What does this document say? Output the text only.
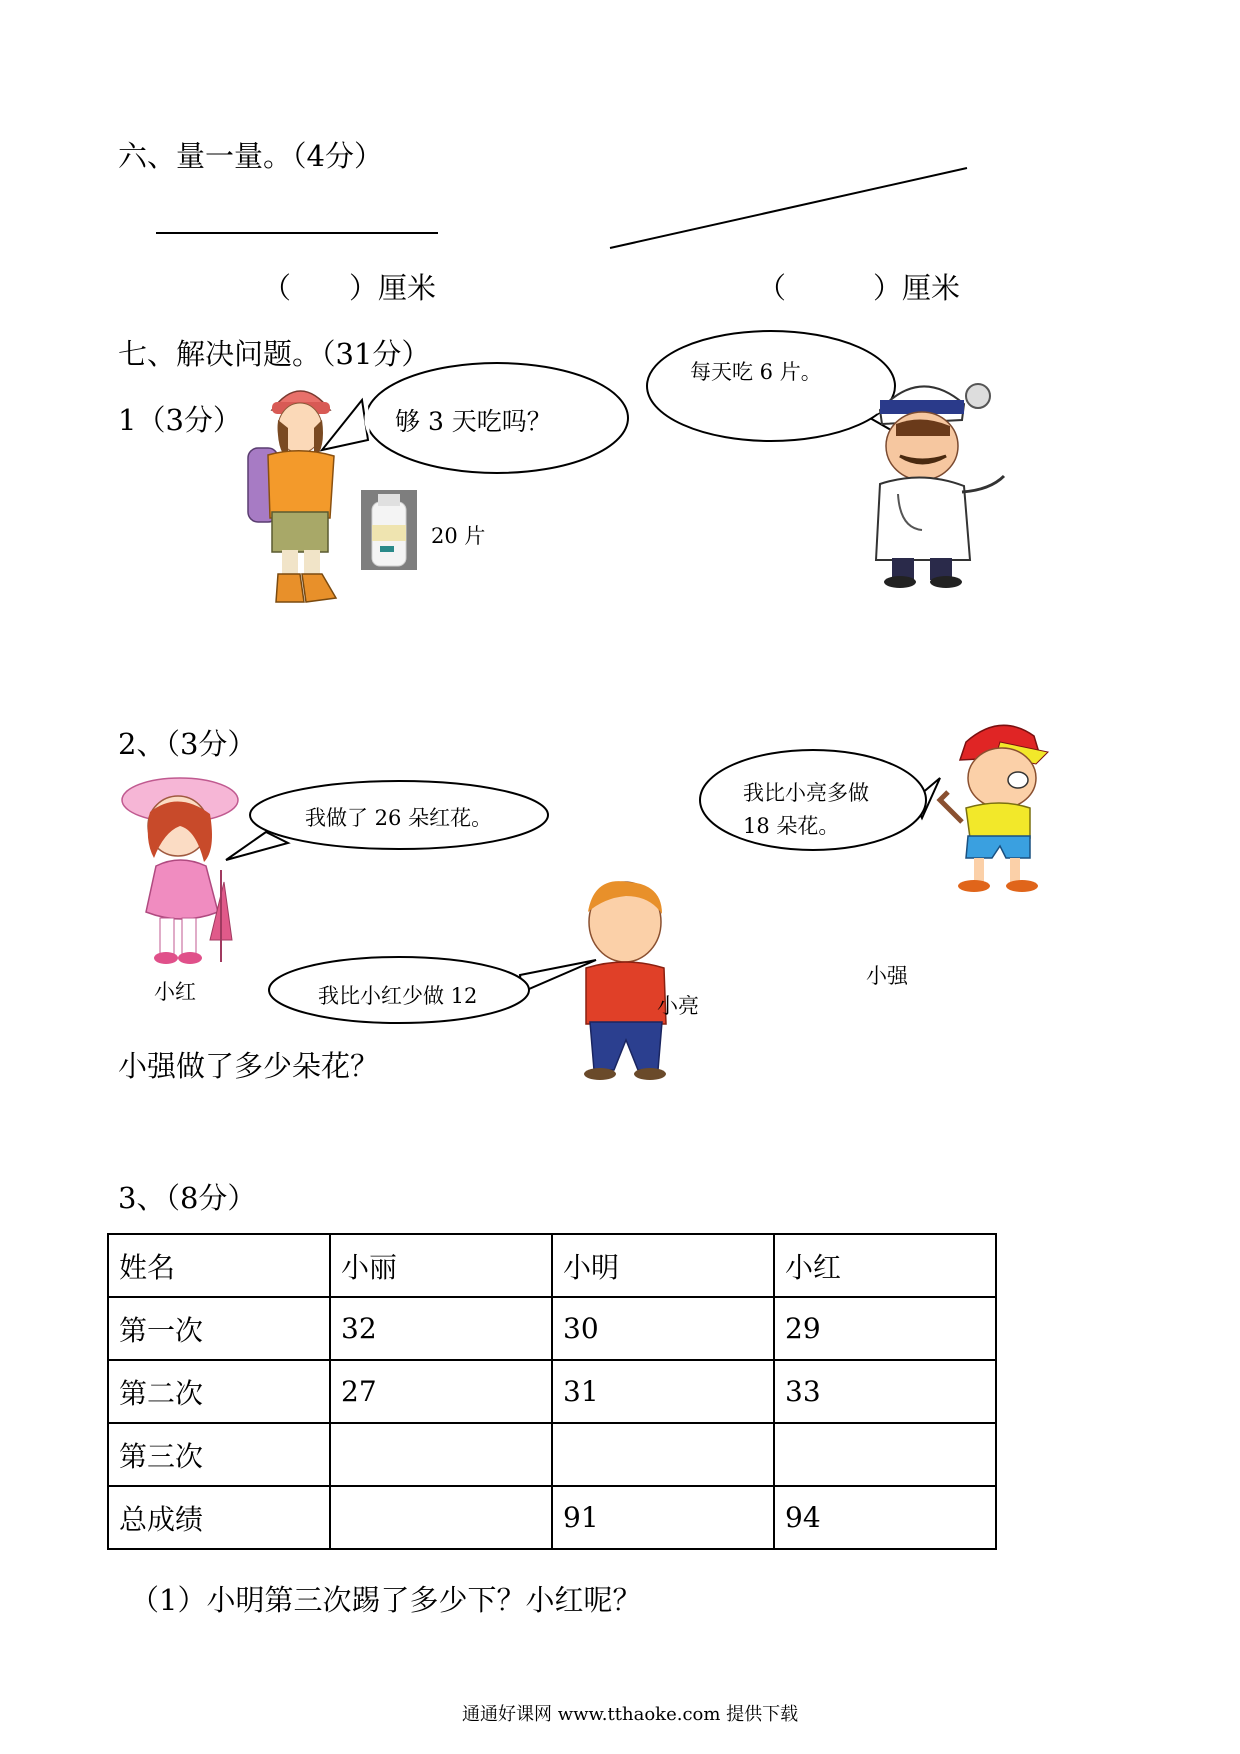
六、量一量。（4分）
（　　）厘米	（　　　）厘米
七、解决问题。（31分）
1（3分）	够 3 天吃吗？
每天吃 6 片。
20 片
2、（3分）
我做了 26 朵红花。
我比小亮多做
18 朵花。
我比小红少做 12
小红
小亮
小强
小强做了多少朵花？
3、（8分）
姓名	小丽	小明	小红
第一次	32	30	29
第二次	27	31	33
第三次			
总成绩		91	94
（1）小明第三次踢了多少下？小红呢？
通通好课网 www.tthaoke.com 提供下载
